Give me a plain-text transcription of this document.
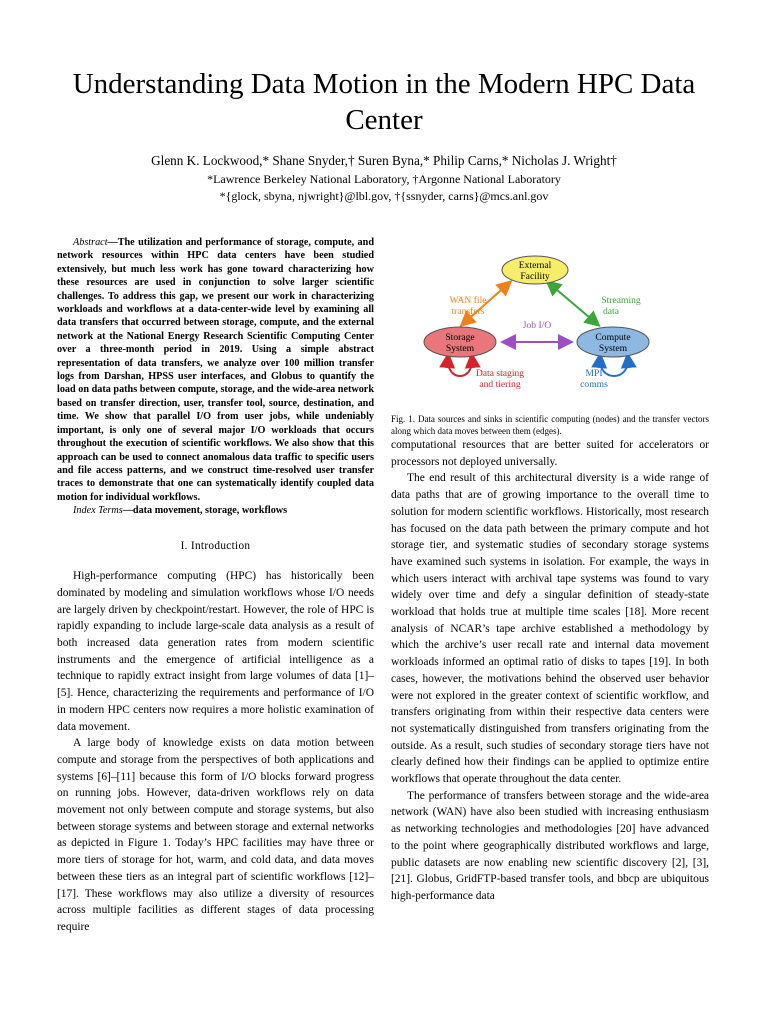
Understanding Data Motion in the Modern HPC Data Center
Glenn K. Lockwood,* Shane Snyder,† Suren Byna,* Philip Carns,* Nicholas J. Wright†
*Lawrence Berkeley National Laboratory, †Argonne National Laboratory
*{glock, sbyna, njwright}@lbl.gov, †{ssnyder, carns}@mcs.anl.gov

Abstract—The utilization and performance of storage, compute, and network resources within HPC data centers have been studied extensively, but much less work has gone toward characterizing how these resources are used in conjunction to solve larger scientific challenges. To address this gap, we present our work in characterizing workloads and workflows at a data-center-wide level by examining all data transfers that occurred between storage, compute, and the external network at the National Energy Research Scientific Computing Center over a three-month period in 2019. Using a simple abstract representation of data transfers, we analyze over 100 million transfer logs from Darshan, HPSS user interfaces, and Globus to quantify the load on data paths between compute, storage, and the wide-area network based on transfer direction, user, transfer tool, source, destination, and time. We show that parallel I/O from user jobs, while undeniably important, is only one of several major I/O workloads that occurs throughout the execution of scientific workflows. We also show that this approach can be used to connect anomalous data traffic to specific users and file access patterns, and we construct time-resolved user transfer traces to demonstrate that one can systematically identify coupled data motion for individual workflows.

Index Terms—data movement, storage, workflows

I. Introduction

High-performance computing (HPC) has historically been dominated by modeling and simulation workflows whose I/O needs are largely driven by checkpoint/restart. However, the role of HPC is rapidly expanding to include large-scale data analysis as a result of both increased data generation rates from modern scientific instruments and the emergence of artificial intelligence as a technique to rapidly extract insight from large volumes of data [1]–[5]. Hence, characterizing the requirements and performance of I/O in modern HPC centers now requires a more holistic examination of data movement.

A large body of knowledge exists on data motion between compute and storage from the perspectives of both applications and systems [6]–[11] because this form of I/O blocks forward progress on running jobs. However, data-driven workflows rely on data movement not only between compute and storage systems, but also between storage systems and between storage and external networks as depicted in Figure 1. Today’s HPC facilities may have three or more tiers of storage for hot, warm, and cold data, and data moves between these tiers as an integral part of scientific workflows [12]–[17]. These workflows may also utilize a diversity of resources across multiple facilities as different stages of data processing require

External
Facility
Storage
System
Compute
System
WAN file
transfers
Streaming
data
Job I/O
Data staging
and tiering
MPI
comms
Fig. 1. Data sources and sinks in scientific computing (nodes) and the transfer vectors along which data moves between them (edges).

computational resources that are better suited for accelerators or processors not deployed universally.

The end result of this architectural diversity is a wide range of data paths that are of growing importance to the overall time to solution for modern scientific workflows. Historically, most research has focused on the data path between the primary compute and hot storage tier, and systematic studies of secondary storage systems have examined such systems in isolation. For example, the ways in which users interact with archival tape systems was found to vary widely over time and defy a singular definition of steady-state workload that holds true at multiple time scales [18]. More recent analysis of NCAR’s tape archive established a methodology by which the archive’s user recall rate and internal data movement workloads informed an optimal ratio of disks to tapes [19]. In both cases, however, the motivations behind the observed user behavior were not explored in the greater context of scientific workflow, and transfers originating from within their respective data centers were not systematically distinguished from transfers originating from the outside. As a result, such studies of secondary storage tiers have not clearly defined how their findings can be applied to optimize entire workflows that operate throughout the data center.

The performance of transfers between storage and the wide-area network (WAN) have also been studied with increasing enthusiasm as networking technologies and methodologies [20] have advanced to the point where geographically distributed workflows and large, public datasets are now enabling new scientific discovery [2], [3], [21]. Globus, GridFTP-based transfer tools, and bbcp are ubiquitous high-performance data
